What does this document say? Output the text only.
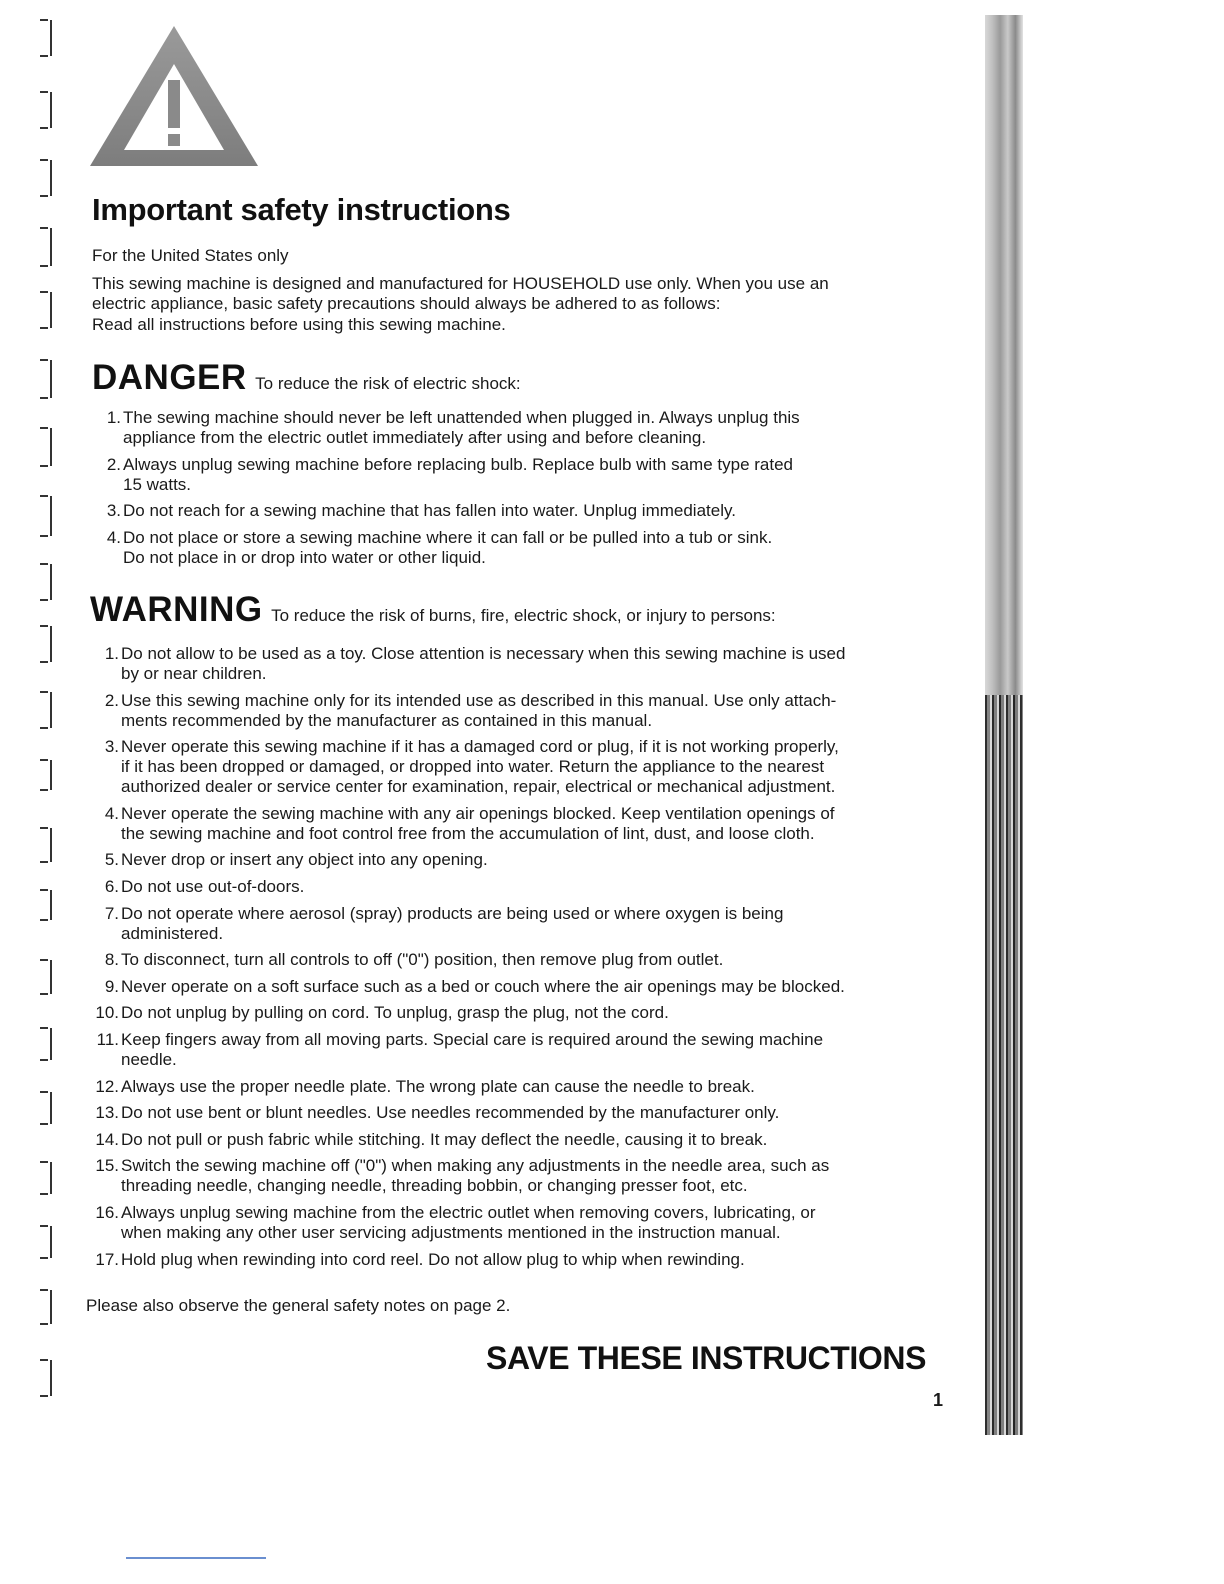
Important safety instructions

For the United States only

This sewing machine is designed and manufactured for HOUSEHOLD use only. When you use an

electric appliance, basic safety precautions should always be adhered to as follows:

Read all instructions before using this sewing machine.

DANGER To reduce the risk of electric shock:
1. The sewing machine should never be left unattended when plugged in. Always unplug this
appliance from the electric outlet immediately after using and before cleaning.
2. Always unplug sewing machine before replacing bulb. Replace bulb with same type rated
15 watts.
3. Do not reach for a sewing machine that has fallen into water. Unplug immediately.
4. Do not place or store a sewing machine where it can fall or be pulled into a tub or sink.
Do not place in or drop into water or other liquid.
WARNING To reduce the risk of burns, fire, electric shock, or injury to persons:
1. Do not allow to be used as a toy. Close attention is necessary when this sewing machine is used
by or near children.
2. Use this sewing machine only for its intended use as described in this manual. Use only attach-
ments recommended by the manufacturer as contained in this manual.
3. Never operate this sewing machine if it has a damaged cord or plug, if it is not working properly,
if it has been dropped or damaged, or dropped into water. Return the appliance to the nearest
authorized dealer or service center for examination, repair, electrical or mechanical adjustment.
4. Never operate the sewing machine with any air openings blocked. Keep ventilation openings of
the sewing machine and foot control free from the accumulation of lint, dust, and loose cloth.
5. Never drop or insert any object into any opening.
6. Do not use out-of-doors.
7. Do not operate where aerosol (spray) products are being used or where oxygen is being
administered.
8. To disconnect, turn all controls to off ("0") position, then remove plug from outlet.
9. Never operate on a soft surface such as a bed or couch where the air openings may be blocked.
10. Do not unplug by pulling on cord. To unplug, grasp the plug, not the cord.
11. Keep fingers away from all moving parts. Special care is required around the sewing machine
needle.
12. Always use the proper needle plate. The wrong plate can cause the needle to break.
13. Do not use bent or blunt needles. Use needles recommended by the manufacturer only.
14. Do not pull or push fabric while stitching. It may deflect the needle, causing it to break.
15. Switch the sewing machine off ("0") when making any adjustments in the needle area, such as
threading needle, changing needle, threading bobbin, or changing presser foot, etc.
16. Always unplug sewing machine from the electric outlet when removing covers, lubricating, or
when making any other user servicing adjustments mentioned in the instruction manual.
17. Hold plug when rewinding into cord reel. Do not allow plug to whip when rewinding.

Please also observe the general safety notes on page 2.

SAVE THESE INSTRUCTIONS
1
